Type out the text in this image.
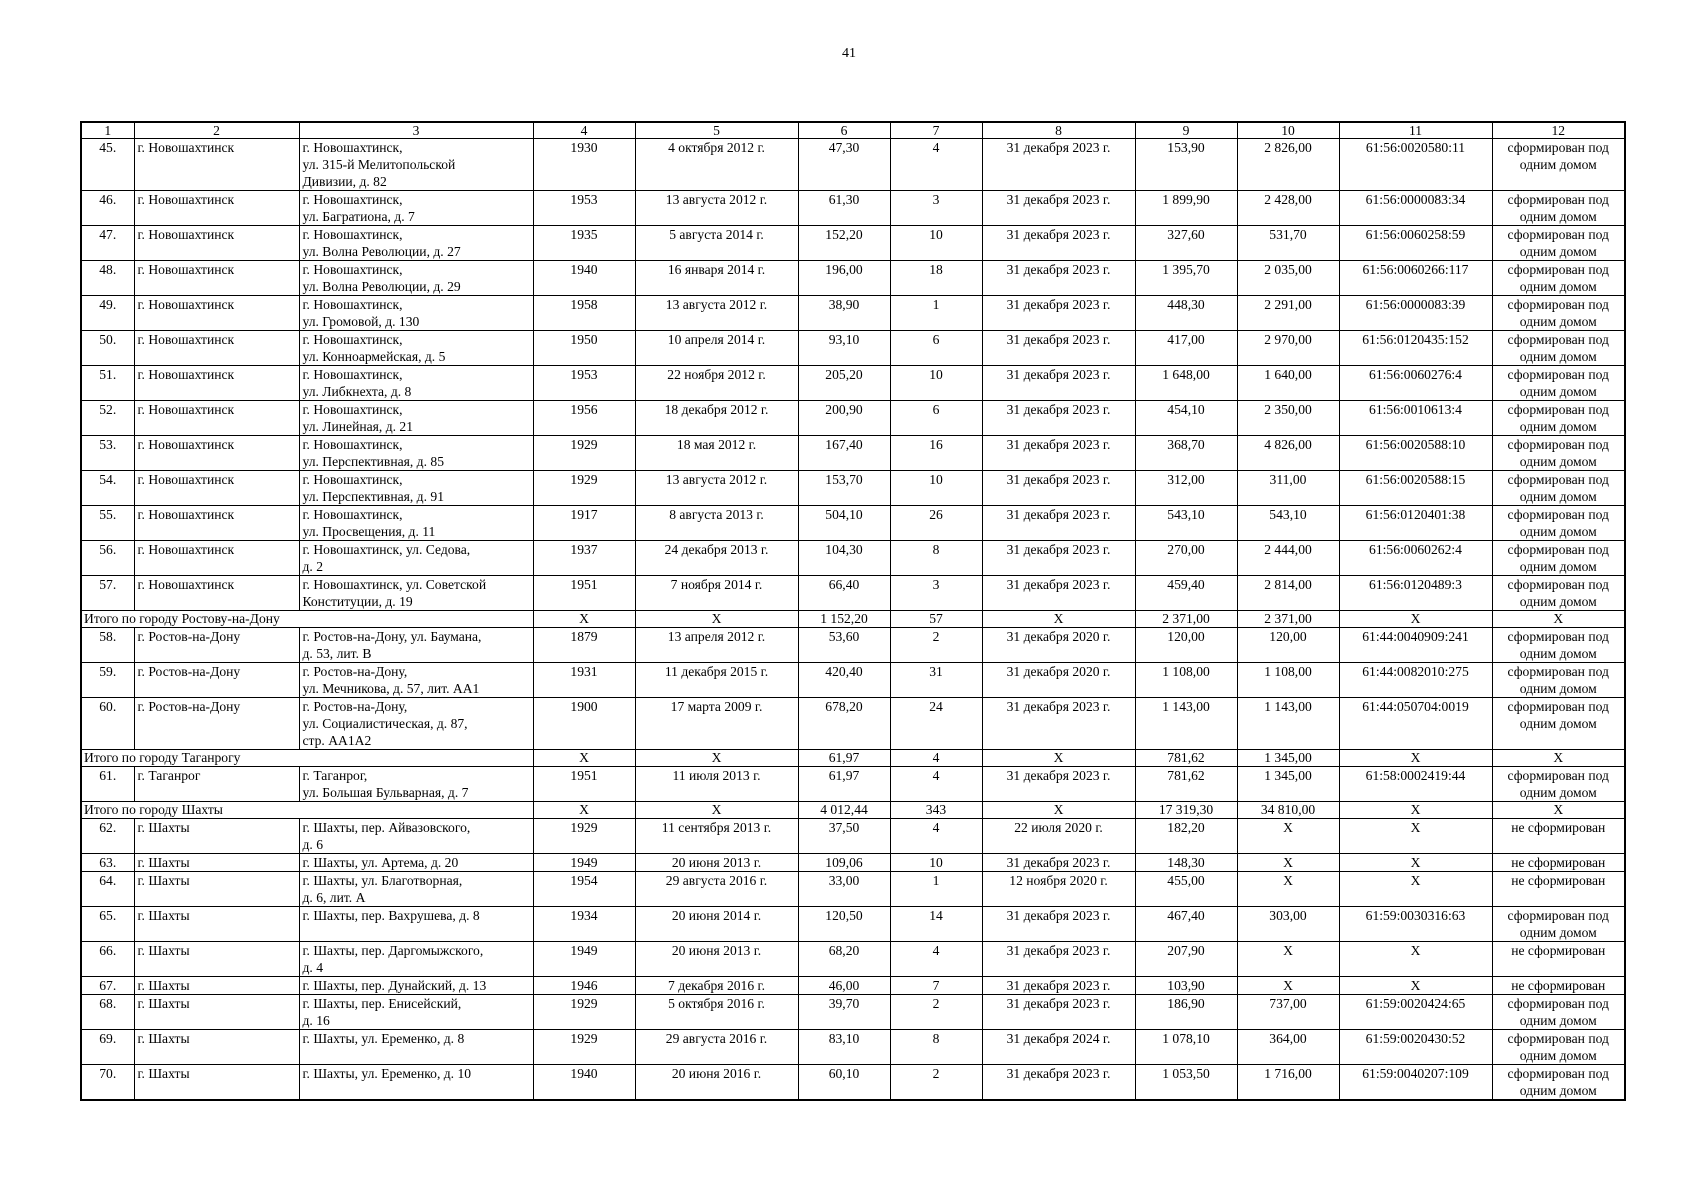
41
1	2	3	4	5	6	7	8	9	10	11	12
45.	г. Новошахтинск	г. Новошахтинск,
ул. 315-й Мелитопольской
Дивизии, д. 82	1930	4 октября 2012 г.	47,30	4	31 декабря 2023 г.	153,90	2 826,00	61:56:0020580:11	сформирован под
одним домом
46.	г. Новошахтинск	г. Новошахтинск,
ул. Багратиона, д. 7	1953	13 августа 2012 г.	61,30	3	31 декабря 2023 г.	1 899,90	2 428,00	61:56:0000083:34	сформирован под
одним домом
47.	г. Новошахтинск	г. Новошахтинск,
ул. Волна Революции, д. 27	1935	5 августа 2014 г.	152,20	10	31 декабря 2023 г.	327,60	531,70	61:56:0060258:59	сформирован под
одним домом
48.	г. Новошахтинск	г. Новошахтинск,
ул. Волна Революции, д. 29	1940	16 января 2014 г.	196,00	18	31 декабря 2023 г.	1 395,70	2 035,00	61:56:0060266:117	сформирован под
одним домом
49.	г. Новошахтинск	г. Новошахтинск,
ул. Громовой, д. 130	1958	13 августа 2012 г.	38,90	1	31 декабря 2023 г.	448,30	2 291,00	61:56:0000083:39	сформирован под
одним домом
50.	г. Новошахтинск	г. Новошахтинск,
ул. Конноармейская, д. 5	1950	10 апреля 2014 г.	93,10	6	31 декабря 2023 г.	417,00	2 970,00	61:56:0120435:152	сформирован под
одним домом
51.	г. Новошахтинск	г. Новошахтинск,
ул. Либкнехта, д. 8	1953	22 ноября 2012 г.	205,20	10	31 декабря 2023 г.	1 648,00	1 640,00	61:56:0060276:4	сформирован под
одним домом
52.	г. Новошахтинск	г. Новошахтинск,
ул. Линейная, д. 21	1956	18 декабря 2012 г.	200,90	6	31 декабря 2023 г.	454,10	2 350,00	61:56:0010613:4	сформирован под
одним домом
53.	г. Новошахтинск	г. Новошахтинск,
ул. Перспективная, д. 85	1929	18 мая 2012 г.	167,40	16	31 декабря 2023 г.	368,70	4 826,00	61:56:0020588:10	сформирован под
одним домом
54.	г. Новошахтинск	г. Новошахтинск,
ул. Перспективная, д. 91	1929	13 августа 2012 г.	153,70	10	31 декабря 2023 г.	312,00	311,00	61:56:0020588:15	сформирован под
одним домом
55.	г. Новошахтинск	г. Новошахтинск,
ул. Просвещения, д. 11	1917	8 августа 2013 г.	504,10	26	31 декабря 2023 г.	543,10	543,10	61:56:0120401:38	сформирован под
одним домом
56.	г. Новошахтинск	г. Новошахтинск, ул. Седова,
д. 2	1937	24 декабря 2013 г.	104,30	8	31 декабря 2023 г.	270,00	2 444,00	61:56:0060262:4	сформирован под
одним домом
57.	г. Новошахтинск	г. Новошахтинск, ул. Советской
Конституции, д. 19	1951	7 ноября 2014 г.	66,40	3	31 декабря 2023 г.	459,40	2 814,00	61:56:0120489:3	сформирован под
одним домом
Итого по городу Ростову-на-Дону			X	X	1 152,20	57	X	2 371,00	2 371,00	X	X
58.	г. Ростов-на-Дону	г. Ростов-на-Дону, ул. Баумана,
д. 53, лит. В	1879	13 апреля 2012 г.	53,60	2	31 декабря 2020 г.	120,00	120,00	61:44:0040909:241	сформирован под
одним домом
59.	г. Ростов-на-Дону	г. Ростов-на-Дону,
ул. Мечникова, д. 57, лит. АА1	1931	11 декабря 2015 г.	420,40	31	31 декабря 2020 г.	1 108,00	1 108,00	61:44:0082010:275	сформирован под
одним домом
60.	г. Ростов-на-Дону	г. Ростов-на-Дону,
ул. Социалистическая, д. 87,
стр. АА1А2	1900	17 марта 2009 г.	678,20	24	31 декабря 2023 г.	1 143,00	1 143,00	61:44:050704:0019	сформирован под
одним домом
Итого по городу Таганрогу			X	X	61,97	4	X	781,62	1 345,00	X	X
61.	г. Таганрог	г. Таганрог,
ул. Большая Бульварная, д. 7	1951	11 июля 2013 г.	61,97	4	31 декабря 2023 г.	781,62	1 345,00	61:58:0002419:44	сформирован под
одним домом
Итого по городу Шахты			X	X	4 012,44	343	X	17 319,30	34 810,00	X	X
62.	г. Шахты	г. Шахты, пер. Айвазовского,
д. 6	1929	11 сентября 2013 г.	37,50	4	22 июля 2020 г.	182,20	X	X	не сформирован
63.	г. Шахты	г. Шахты, ул. Артема, д. 20	1949	20 июня 2013 г.	109,06	10	31 декабря 2023 г.	148,30	X	X	не сформирован
64.	г. Шахты	г. Шахты, ул. Благотворная,
д. 6, лит. А	1954	29 августа 2016 г.	33,00	1	12 ноября 2020 г.	455,00	X	X	не сформирован
65.	г. Шахты	г. Шахты, пер. Вахрушева, д. 8	1934	20 июня 2014 г.	120,50	14	31 декабря 2023 г.	467,40	303,00	61:59:0030316:63	сформирован под
одним домом
66.	г. Шахты	г. Шахты, пер. Даргомыжского,
д. 4	1949	20 июня 2013 г.	68,20	4	31 декабря 2023 г.	207,90	X	X	не сформирован
67.	г. Шахты	г. Шахты, пер. Дунайский, д. 13	1946	7 декабря 2016 г.	46,00	7	31 декабря 2023 г.	103,90	X	X	не сформирован
68.	г. Шахты	г. Шахты, пер. Енисейский,
д. 16	1929	5 октября 2016 г.	39,70	2	31 декабря 2023 г.	186,90	737,00	61:59:0020424:65	сформирован под
одним домом
69.	г. Шахты	г. Шахты, ул. Еременко, д. 8	1929	29 августа 2016 г.	83,10	8	31 декабря 2024 г.	1 078,10	364,00	61:59:0020430:52	сформирован под
одним домом
70.	г. Шахты	г. Шахты, ул. Еременко, д. 10	1940	20 июня 2016 г.	60,10	2	31 декабря 2023 г.	1 053,50	1 716,00	61:59:0040207:109	сформирован под
одним домом
